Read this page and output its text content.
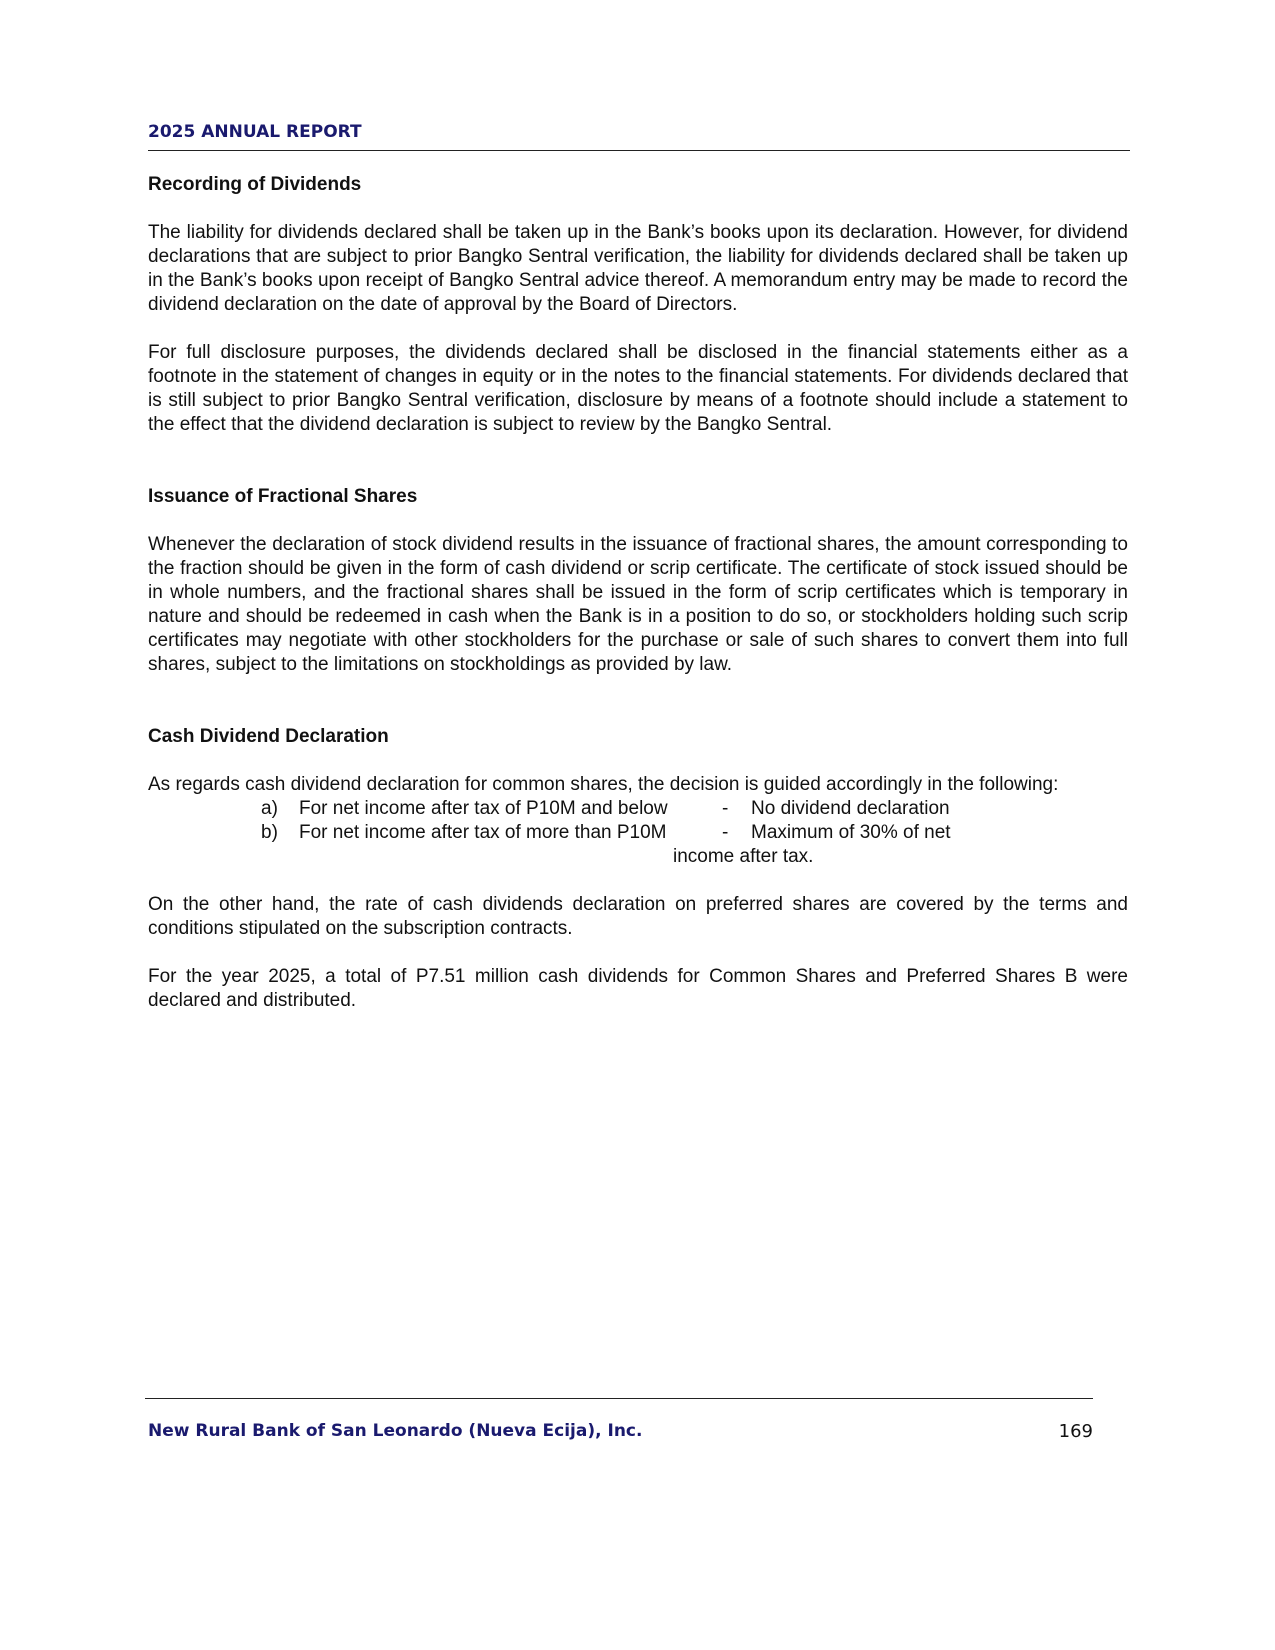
2025 ANNUAL REPORT
Recording of Dividends

The liability for dividends declared shall be taken up in the Bank’s books upon its declaration. However, for dividend declarations that are subject to prior Bangko Sentral verification, the liability for dividends declared shall be taken up in the Bank’s books upon receipt of Bangko Sentral advice thereof. A memorandum entry may be made to record the dividend declaration on the date of approval by the Board of Directors.

For full disclosure purposes, the dividends declared shall be disclosed in the financial statements either as a footnote in the statement of changes in equity or in the notes to the financial statements. For dividends declared that is still subject to prior Bangko Sentral verification, disclosure by means of a footnote should include a statement to the effect that the dividend declaration is subject to review by the Bangko Sentral.

Issuance of Fractional Shares

Whenever the declaration of stock dividend results in the issuance of fractional shares, the amount corresponding to the fraction should be given in the form of cash dividend or scrip certificate. The certificate of stock issued should be in whole numbers, and the fractional shares shall be issued in the form of scrip certificates which is temporary in nature and should be redeemed in cash when the Bank is in a position to do so, or stockholders holding such scrip certificates may negotiate with other stockholders for the purchase or sale of such shares to convert them into full shares, subject to the limitations on stockholdings as provided by law.

Cash Dividend Declaration

As regards cash dividend declaration for common shares, the decision is guided accordingly in the following:

a) For net income after tax of P10M and below	- No dividend declaration
b) For net income after tax of more than P10M	- Maximum of 30% of net
income after tax.

On the other hand, the rate of cash dividends declaration on preferred shares are covered by the terms and conditions stipulated on the subscription contracts.

For the year 2025, a total of P7.51 million cash dividends for Common Shares and Preferred Shares B were declared and distributed.

New Rural Bank of San Leonardo (Nueva Ecija), Inc.	169
